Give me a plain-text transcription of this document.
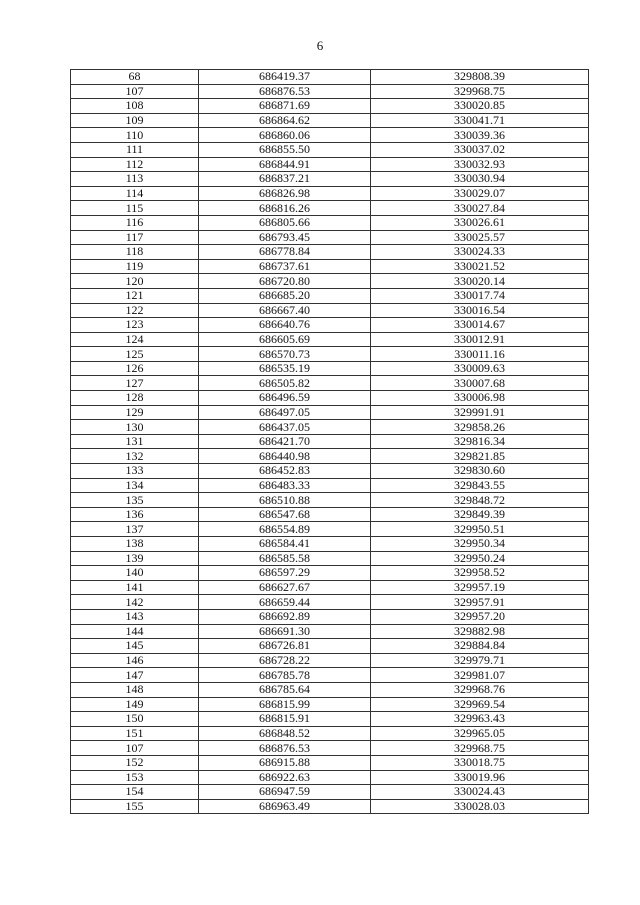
6
68	686419.37	329808.39
107	686876.53	329968.75
108	686871.69	330020.85
109	686864.62	330041.71
110	686860.06	330039.36
111	686855.50	330037.02
112	686844.91	330032.93
113	686837.21	330030.94
114	686826.98	330029.07
115	686816.26	330027.84
116	686805.66	330026.61
117	686793.45	330025.57
118	686778.84	330024.33
119	686737.61	330021.52
120	686720.80	330020.14
121	686685.20	330017.74
122	686667.40	330016.54
123	686640.76	330014.67
124	686605.69	330012.91
125	686570.73	330011.16
126	686535.19	330009.63
127	686505.82	330007.68
128	686496.59	330006.98
129	686497.05	329991.91
130	686437.05	329858.26
131	686421.70	329816.34
132	686440.98	329821.85
133	686452.83	329830.60
134	686483.33	329843.55
135	686510.88	329848.72
136	686547.68	329849.39
137	686554.89	329950.51
138	686584.41	329950.34
139	686585.58	329950.24
140	686597.29	329958.52
141	686627.67	329957.19
142	686659.44	329957.91
143	686692.89	329957.20
144	686691.30	329882.98
145	686726.81	329884.84
146	686728.22	329979.71
147	686785.78	329981.07
148	686785.64	329968.76
149	686815.99	329969.54
150	686815.91	329963.43
151	686848.52	329965.05
107	686876.53	329968.75
152	686915.88	330018.75
153	686922.63	330019.96
154	686947.59	330024.43
155	686963.49	330028.03
